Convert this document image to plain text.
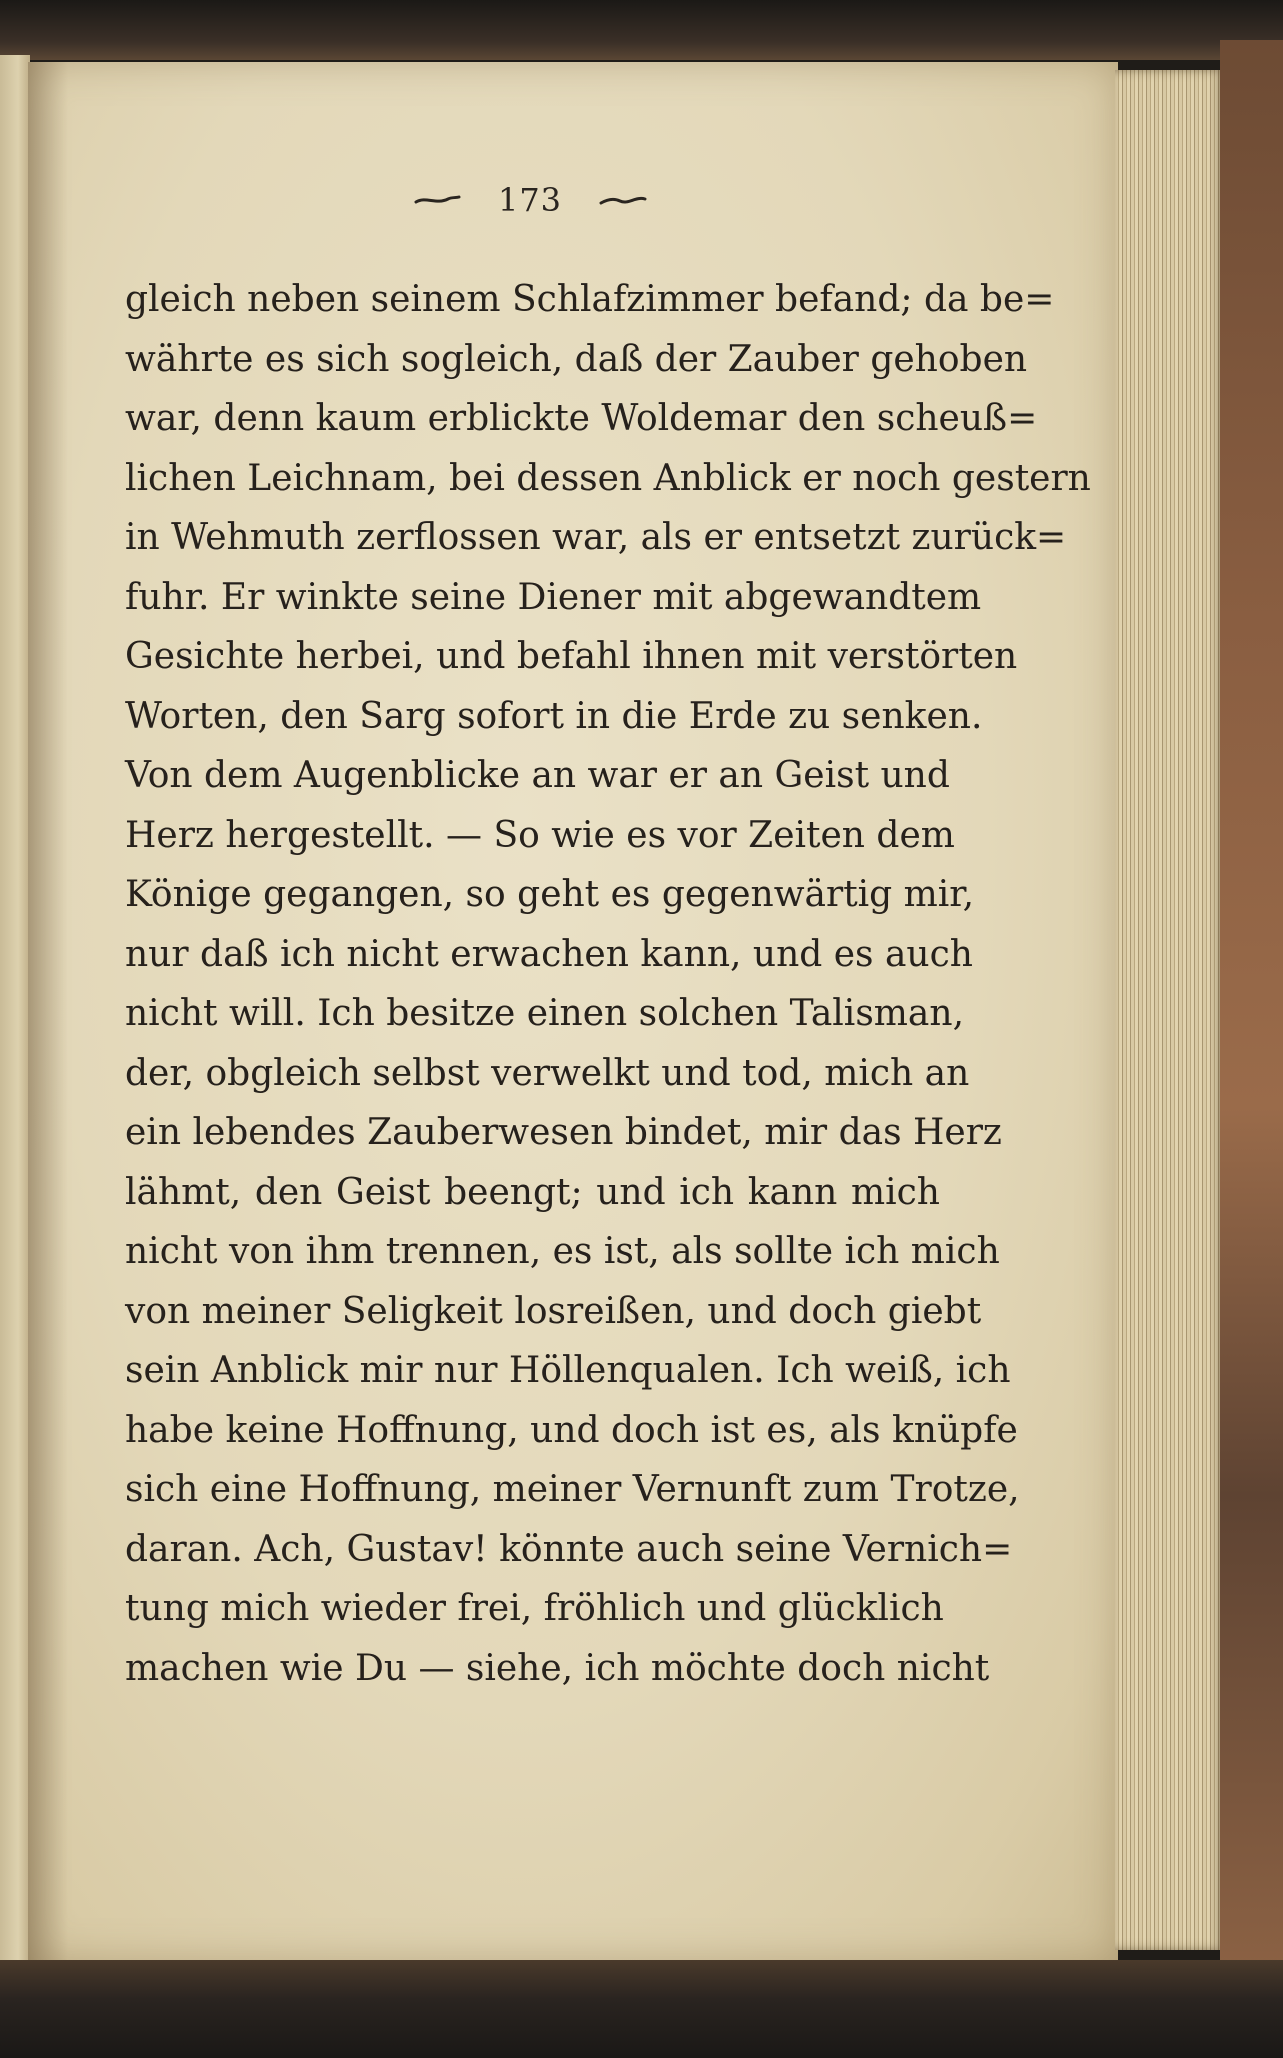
173
gleich neben seinem Schlafzimmer befand; da be=
währte es sich sogleich, daß der Zauber gehoben
war, denn kaum erblickte Woldemar den scheuß=
lichen Leichnam, bei dessen Anblick er noch gestern
in Wehmuth zerflossen war, als er entsetzt zurück=
fuhr. Er winkte seine Diener mit abgewandtem
Gesichte herbei, und befahl ihnen mit verstörten
Worten, den Sarg sofort in die Erde zu senken.
Von dem Augenblicke an war er an Geist und
Herz hergestellt. — So wie es vor Zeiten dem
Könige gegangen, so geht es gegenwärtig mir,
nur daß ich nicht erwachen kann, und es auch
nicht will. Ich besitze einen solchen Talisman,
der, obgleich selbst verwelkt und tod, mich an
ein lebendes Zauberwesen bindet, mir das Herz
lähmt, den Geist beengt; und ich kann mich
nicht von ihm trennen, es ist, als sollte ich mich
von meiner Seligkeit losreißen, und doch giebt
sein Anblick mir nur Höllenqualen. Ich weiß, ich
habe keine Hoffnung, und doch ist es, als knüpfe
sich eine Hoffnung, meiner Vernunft zum Trotze,
daran. Ach, Gustav! könnte auch seine Vernich=
tung mich wieder frei, fröhlich und glücklich
machen wie Du — siehe, ich möchte doch nicht
